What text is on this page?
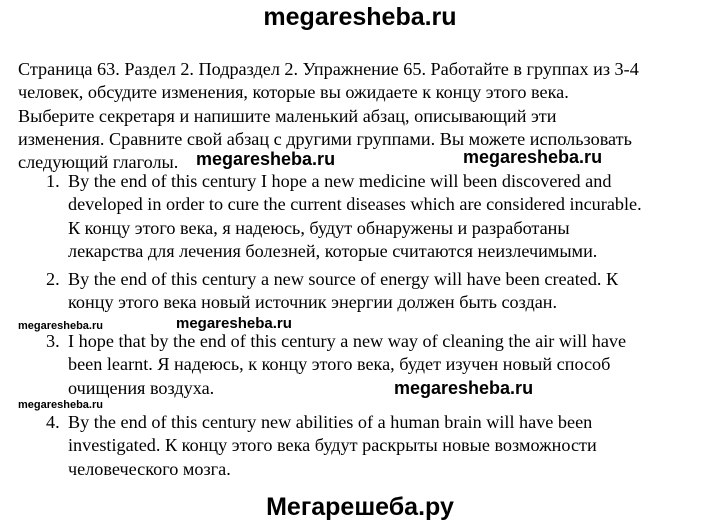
megaresheba.ru
Страница 63. Раздел 2. Подраздел 2. Упражнение 65. Работайте в группах из 3-4
человек, обсудите изменения, которые вы ожидаете к концу этого века.
Выберите секретаря и напишите маленький абзац, описывающий эти
изменения. Сравните свой абзац с другими группами. Вы можете использовать
следующий глаголы.
1. By the end of this century I hope a new medicine will been discovered and
developed in order to cure the current diseases which are considered incurable.
К концу этого века, я надеюсь, будут обнаружены и разработаны
лекарства для лечения болезней, которые считаются неизлечимыми.
2. By the end of this century a new source of energy will have been created. К
концу этого века новый источник энергии должен быть создан.
3. I hope that by the end of this century a new way of cleaning the air will have
been learnt. Я надеюсь, к концу этого века, будет изучен новый способ
очищения воздуха.
4. By the end of this century new abilities of a human brain will have been
investigated. К концу этого века будут раскрыты новые возможности
человеческого мозга.
megaresheba.ru	megaresheba.ru
megaresheba.ru	megaresheba.ru
megaresheba.ru
megaresheba.ru
Мегарешеба.ру
